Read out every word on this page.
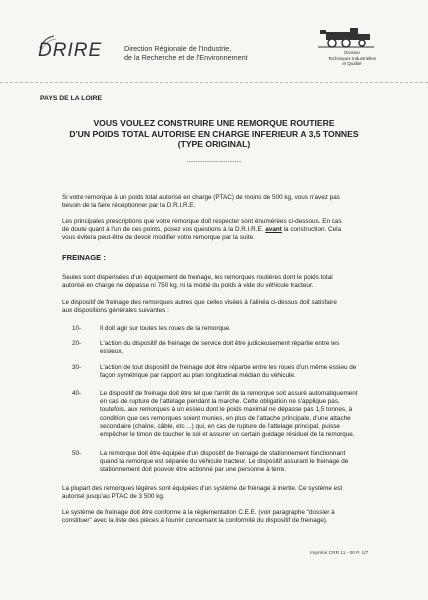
DRIRE	Direction Régionale de l'Industrie,
de la Recherche et de l'Environnement
Division
Techniques Industrielles
et Qualité
PAYS DE LA LOIRE
VOUS VOULEZ CONSTRUIRE UNE REMORQUE ROUTIERE
D'UN POIDS TOTAL AUTORISE EN CHARGE INFERIEUR A 3,5 TONNES
(TYPE ORIGINAL)
------------------------
Si votre remorque à un poids total autorisé en charge (PTAC) de moins de 500 kg, vous n'avez pas
besoin de la faire réceptionner par la D.R.I.R.E.
Les principales prescriptions que votre remorque doit respecter sont énumérées ci-dessous. En cas
de doute quant à l'un de ces points, posez vos questions à la D.R.I.R.E. avant la construction. Cela
vous évitera peut-être de devoir modifier votre remorque par la suite.
FREINAGE :
Seules sont dispensées d'un équipement de freinage, les remorques routières dont le poids total
autorisé en charge ne dépasse ni 750 kg, ni la moitié du poids à vide du véhicule tracteur.
Le dispositif de freinage des remorques autres que celles visées à l'alinéa ci-dessus doit satisfaire
aux dispositions générales suivantes :
10-	Il doit agir sur toutes les roues de la remorque.
20-	L'action du dispositif de freinage de service doit être judicieusement répartie entre les
essieux.
30-	L'action de tout dispositif de freinage doit être répartie entre les roues d'un même essieu de
façon symétrique par rapport au plan longitudinal médian du véhicule.
40-	Le dispositif de freinage doit être tel que l'arrêt de la remorque soit assuré automatiquement
en cas de rupture de l'attelage pendant la marche. Cette obligation ne s'applique pas,
toutefois, aux remorques à un essieu dont le poids maximal ne dépasse pas 1,5 tonnes, à
condition que ces remorques soient munies, en plus de l'attache principale, d'une attache
secondaire (chaîne, câble, etc ...) qui, en cas de rupture de l'attelage principal, puisse
empêcher le timon de toucher le sol et assurer un certain guidage résiduel de la remorque.
50-	La remorque doit être équipée d'un dispositif de freinage de stationnement fonctionnant
quand la remorque est séparée du véhicule tracteur. Le dispositif assurant le freinage de
stationnement doit pouvoir être actionné par une personne à terre.
La plupart des remorques légères sont équipées d'un système de freinage à inertie. Ce système est
autorisé jusqu'au PTAC de 3 500 kg.
Le système de freinage doit être conforme à la réglementation C.E.E. (voir paragraphe "dossier à
constituer" avec la liste des pièces à fournir concernant la conformité du dispositif de freinage).
Imprimé CRR 11 - 00 P. 1/7
